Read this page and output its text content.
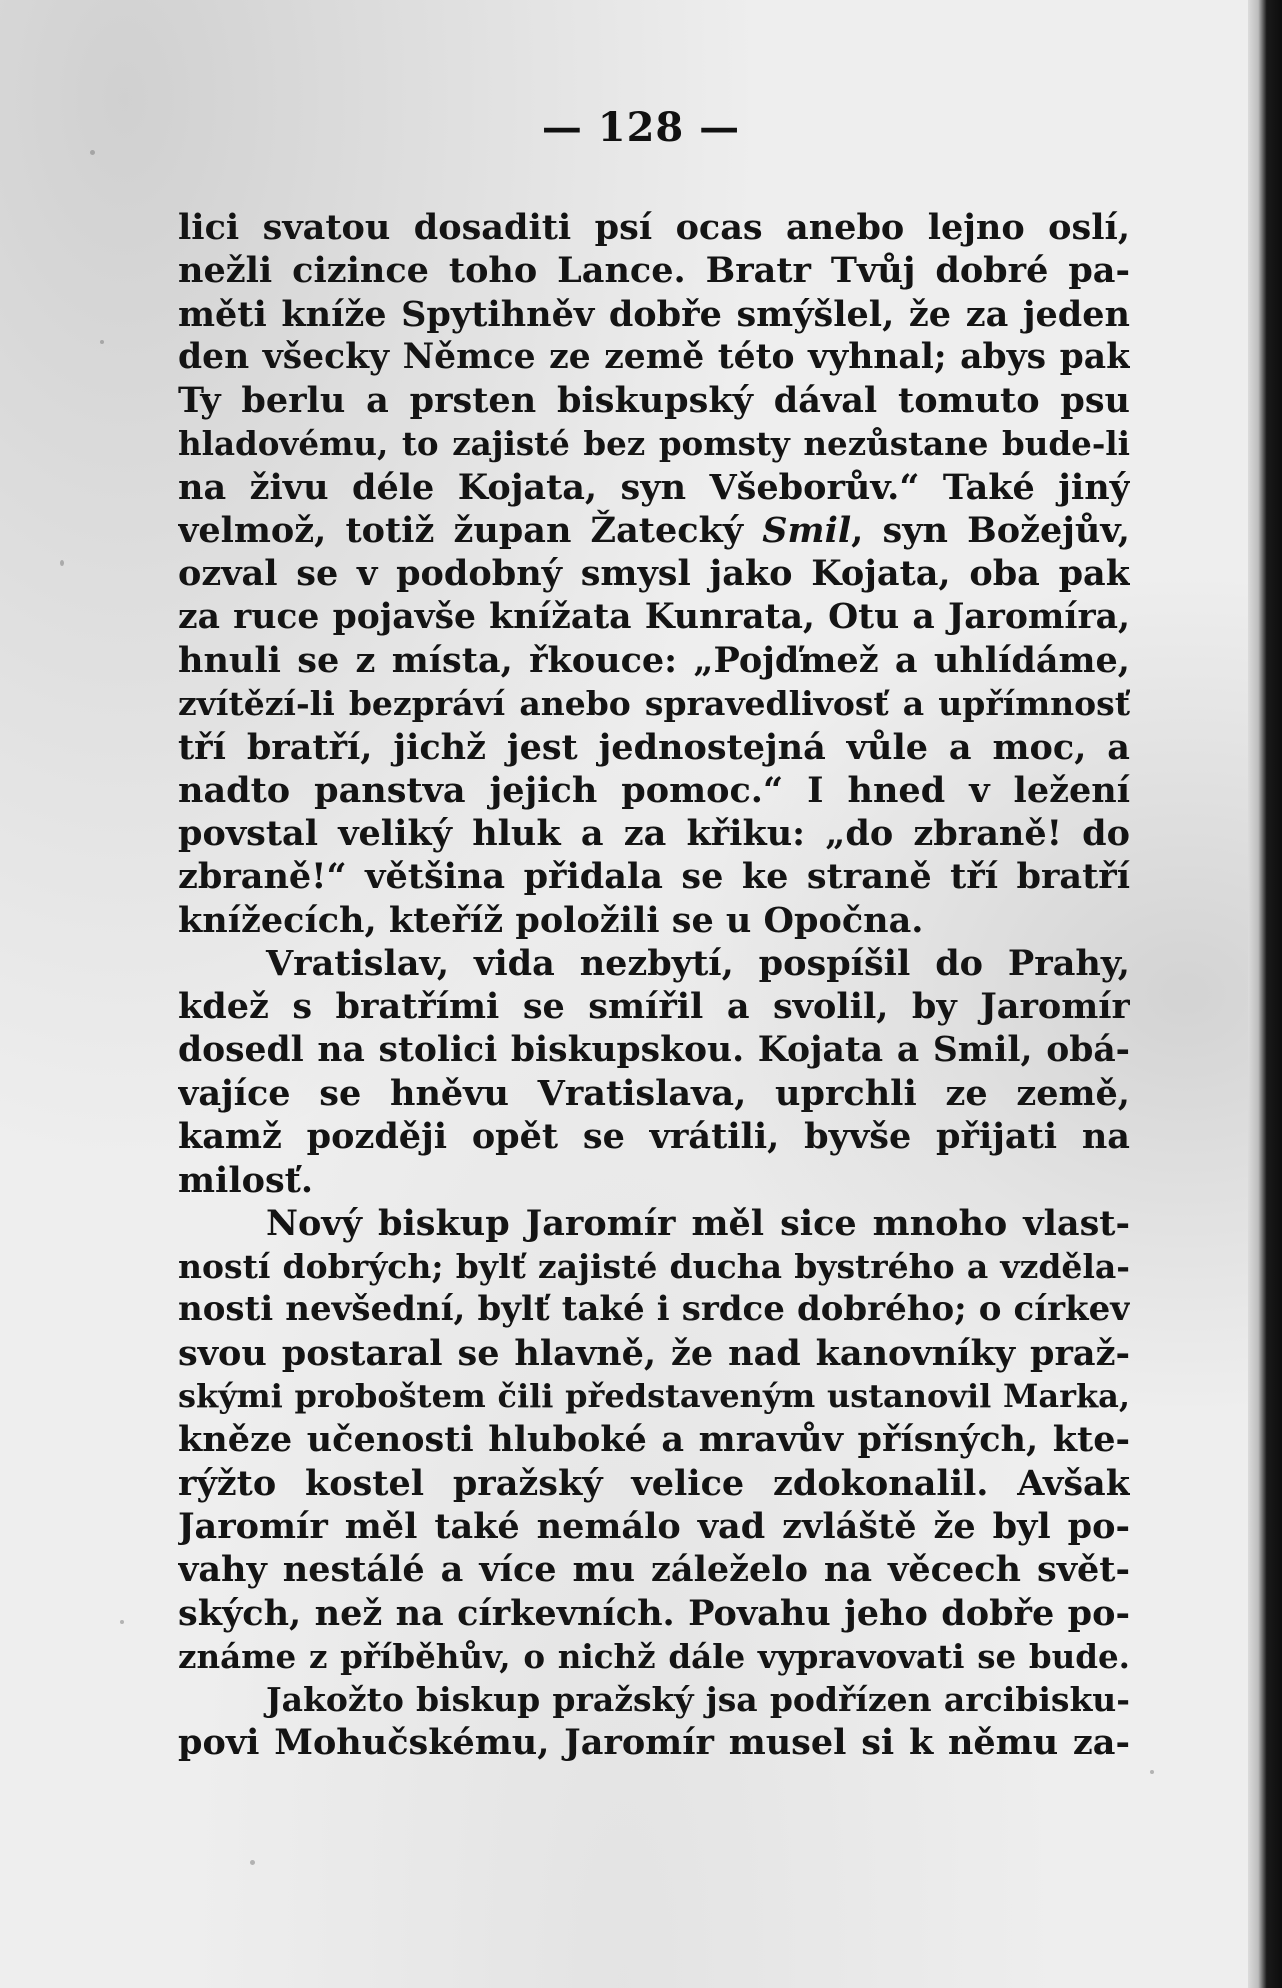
— 128 —
lici svatou dosaditi psí ocas anebo lejno oslí,
nežli cizince toho Lance. Bratr Tvůj dobré pa-
měti kníže Spytihněv dobře smýšlel, že za jeden
den všecky Němce ze země této vyhnal; abys pak
Ty berlu a prsten biskupský dával tomuto psu
hladovému, to zajisté bez pomsty nezůstane bude-li
na živu déle Kojata, syn Všeborův.“ Také jiný
velmož, totiž župan Žatecký Smil, syn Božejův,
ozval se v podobný smysl jako Kojata, oba pak
za ruce pojavše knížata Kunrata, Otu a Jaromíra,
hnuli se z místa, řkouce: „Pojďmež a uhlídáme,
zvítězí-li bezpráví anebo spravedlivosť a upřímnosť
tří bratří, jichž jest jednostejná vůle a moc, a
nadto panstva jejich pomoc.“ I hned v ležení
povstal veliký hluk a za křiku: „do zbraně! do
zbraně!“ většina přidala se ke straně tří bratří
knížecích, kteříž položili se u Opočna.
Vratislav, vida nezbytí, pospíšil do Prahy,
kdež s bratřími se smířil a svolil, by Jaromír
dosedl na stolici biskupskou. Kojata a Smil, obá-
vajíce se hněvu Vratislava, uprchli ze země,
kamž později opět se vrátili, byvše přijati na
milosť.
Nový biskup Jaromír měl sice mnoho vlast-
ností dobrých; bylť zajisté ducha bystrého a vzděla-
nosti nevšední, bylť také i srdce dobrého; o církev
svou postaral se hlavně, že nad kanovníky praž-
skými proboštem čili představeným ustanovil Marka,
kněze učenosti hluboké a mravův přísných, kte-
rýžto kostel pražský velice zdokonalil. Avšak
Jaromír měl také nemálo vad zvláště že byl po-
vahy nestálé a více mu záleželo na věcech svět-
ských, než na církevních. Povahu jeho dobře po-
známe z příběhův, o nichž dále vypravovati se bude.
Jakožto biskup pražský jsa podřízen arcibisku-
povi Mohučskému, Jaromír musel si k němu za-
